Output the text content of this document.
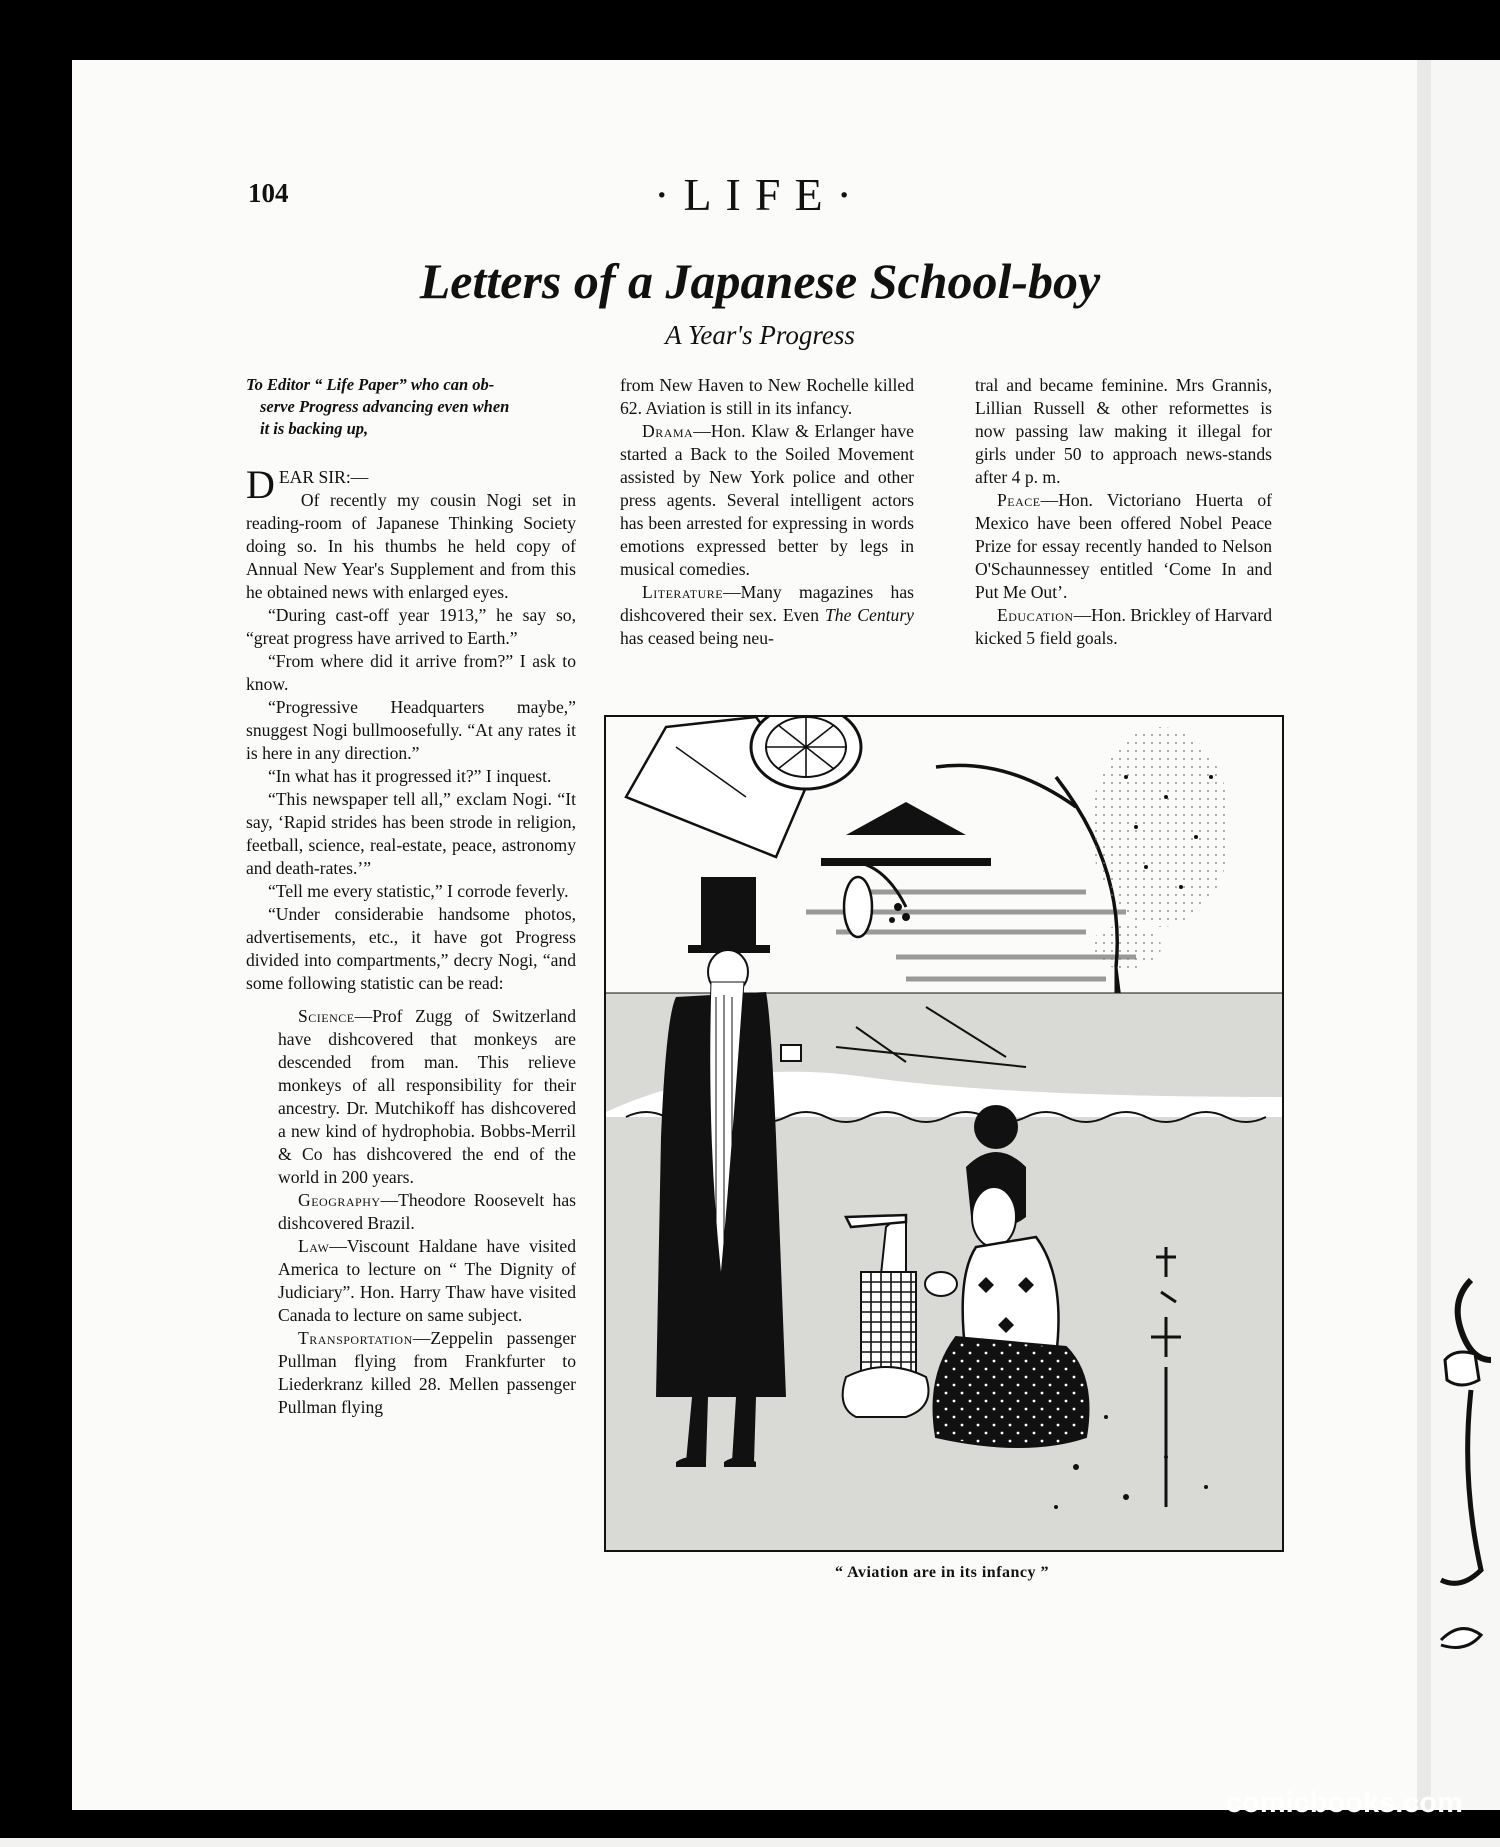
104	·LIFE·
Letters of a Japanese School-boy
A Year's Progress

To Editor “ Life Paper” who can ob-
serve Progress advancing even when
it is backing up,

DEAR SIR:—

Of recently my cousin Nogi set in reading-room of Japanese Thinking Society doing so. In his thumbs he held copy of Annual New Year's Supplement and from this he obtained news with enlarged eyes.

“During cast-off year 1913,” he say so, “great progress have arrived to Earth.”

“From where did it arrive from?” I ask to know.

“Progressive Headquarters maybe,” snuggest Nogi bullmoosefully. “At any rates it is here in any direction.”

“In what has it progressed it?” I inquest.

“This newspaper tell all,” exclam Nogi. “It say, ‘Rapid strides has been strode in religion, feetball, science, real-estate, peace, astronomy and death-rates.’”

“Tell me every statistic,” I corrode feverly.

“Under considerabie handsome photos, advertisements, etc., it have got Progress divided into compartments,” decry Nogi, “and some following statistic can be read:

Science—Prof Zugg of Switzerland have dishcovered that monkeys are descended from man. This relieve monkeys of all responsibility for their ancestry. Dr. Mutchikoff has dishcovered a new kind of hydrophobia. Bobbs-Merril & Co has dishcovered the end of the world in 200 years.

Geography—Theodore Roosevelt has dishcovered Brazil.

Law—Viscount Haldane have visited America to lecture on “ The Dignity of Judiciary”. Hon. Harry Thaw have visited Canada to lecture on same subject.

Transportation—Zeppelin passenger Pullman flying from Frankfurter to Liederkranz killed 28. Mellen passenger Pullman flying

from New Haven to New Rochelle killed 62. Aviation is still in its infancy.

Drama—Hon. Klaw & Erlanger have started a Back to the Soiled Movement assisted by New York police and other press agents. Several intelligent actors has been arrested for expressing in words emotions expressed better by legs in musical comedies.

Literature—Many magazines has dishcovered their sex. Even The Century has ceased being neu-

tral and became feminine. Mrs Grannis, Lillian Russell & other reformettes is now passing law making it illegal for girls under 50 to approach news-stands after 4 p. m.

Peace—Hon. Victoriano Huerta of Mexico have been offered Nobel Peace Prize for essay recently handed to Nelson O'Schaunnessey entitled ‘Come In and Put Me Out’.

Education—Hon. Brickley of Harvard kicked 5 field goals.

“ Aviation are in its infancy ”
comicbooks.com
